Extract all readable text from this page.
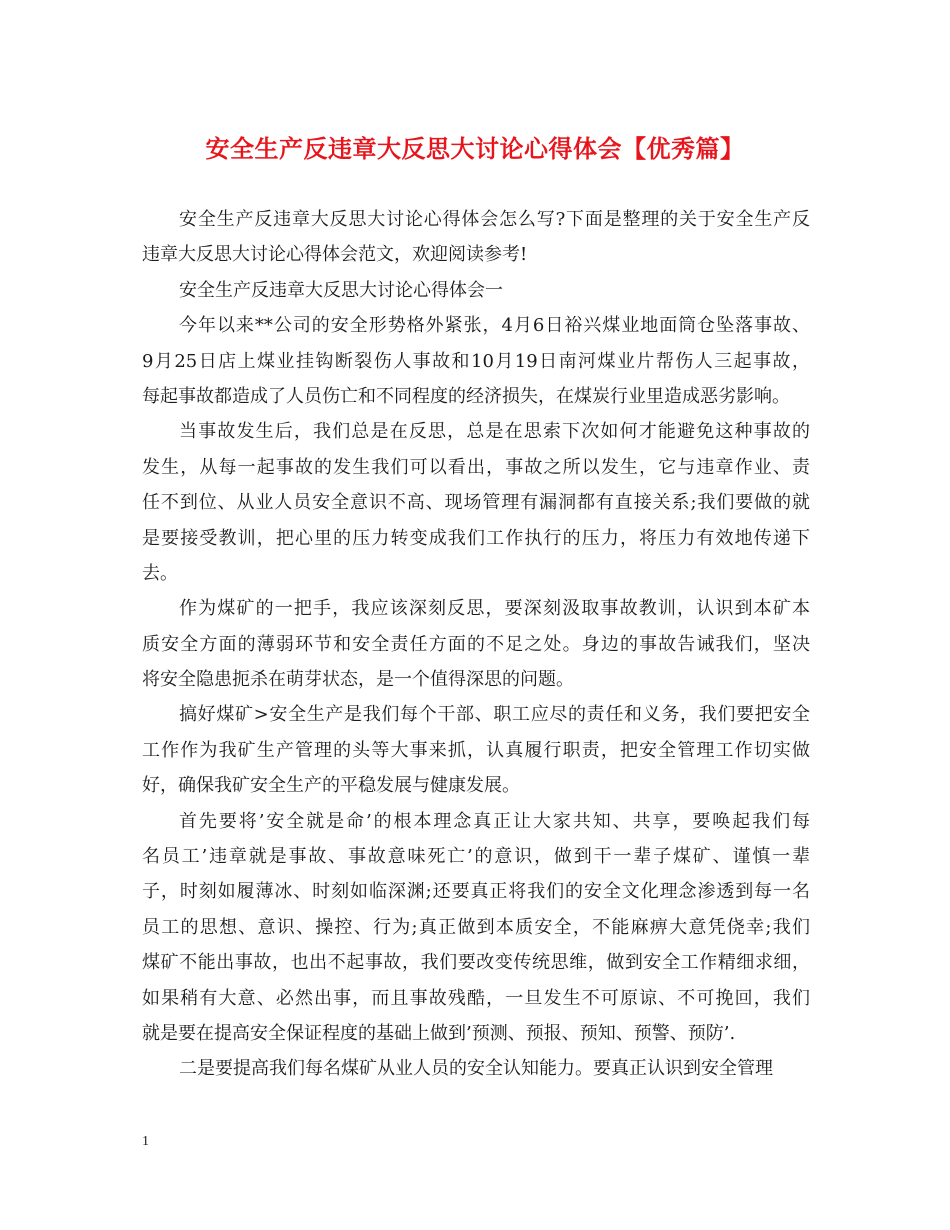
安全生产反违章大反思大讨论心得体会【优秀篇】
安全生产反违章大反思大讨论心得体会怎么写?下面是整理的关于安全生产反
违章大反思大讨论心得体会范文，欢迎阅读参考!
安全生产反违章大反思大讨论心得体会一
今年以来**公司的安全形势格外紧张，4月6日裕兴煤业地面筒仓坠落事故、
9月25日店上煤业挂钩断裂伤人事故和10月19日南河煤业片帮伤人三起事故，
每起事故都造成了人员伤亡和不同程度的经济损失，在煤炭行业里造成恶劣影响。
当事故发生后，我们总是在反思，总是在思索下次如何才能避免这种事故的
发生，从每一起事故的发生我们可以看出，事故之所以发生，它与违章作业、责
任不到位、从业人员安全意识不高、现场管理有漏洞都有直接关系;我们要做的就
是要接受教训，把心里的压力转变成我们工作执行的压力，将压力有效地传递下
去。
作为煤矿的一把手，我应该深刻反思，要深刻汲取事故教训，认识到本矿本
质安全方面的薄弱环节和安全责任方面的不足之处。身边的事故告诫我们，坚决
将安全隐患扼杀在萌芽状态，是一个值得深思的问题。
搞好煤矿>安全生产是我们每个干部、职工应尽的责任和义务，我们要把安全
工作作为我矿生产管理的头等大事来抓，认真履行职责，把安全管理工作切实做
好，确保我矿安全生产的平稳发展与健康发展。
首先要将’安全就是命’的根本理念真正让大家共知、共享，要唤起我们每
名员工’违章就是事故、事故意味死亡’的意识，做到干一辈子煤矿、谨慎一辈
子，时刻如履薄冰、时刻如临深渊;还要真正将我们的安全文化理念渗透到每一名
员工的思想、意识、操控、行为;真正做到本质安全，不能麻痹大意凭侥幸;我们
煤矿不能出事故，也出不起事故，我们要改变传统思维，做到安全工作精细求细，
如果稍有大意、必然出事，而且事故残酷，一旦发生不可原谅、不可挽回，我们
就是要在提高安全保证程度的基础上做到’预测、预报、预知、预警、预防’.
二是要提高我们每名煤矿从业人员的安全认知能力。要真正认识到安全管理
1
